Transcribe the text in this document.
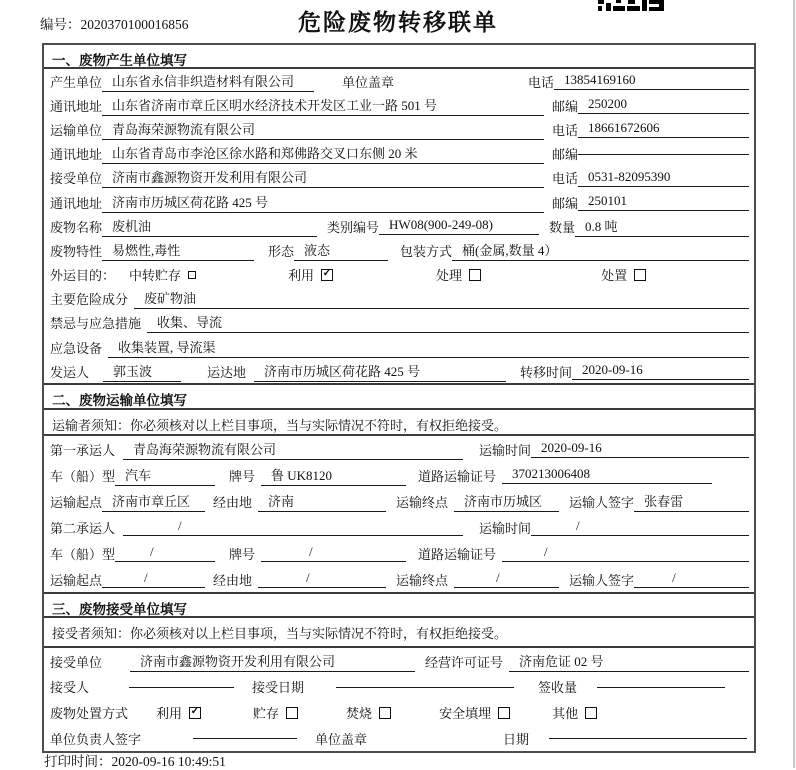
编号：2020370100016856	危险废物转移联单
一、废物产生单位填写
产生单位 山东省永信非织造材料有限公司	单位盖章	电话 13854169160
通讯地址 山东省济南市章丘区明水经济技术开发区工业一路 501 号	邮编 250200
运输单位 青岛海荣源物流有限公司	电话 18661672606
通讯地址 山东省青岛市李沧区徐水路和郑佛路交叉口东侧 20 米	邮编
接受单位 济南市鑫源物资开发利用有限公司	电话 0531-82095390
通讯地址 济南市历城区荷花路 425 号	邮编 250101
废物名称 废机油	类别编号 HW08(900-249-08)	数量 0.8 吨
废物特性 易燃性,毒性	形态 液态	包装方式 桶(金属,数量 4）
外运目的： 中转贮存	利用 ✓	处理	处置
主要危险成分	废矿物油
禁忌与应急措施	收集、导流
应急设备	收集装置, 导流渠
发运人	郭玉波	运达地	济南市历城区荷花路 425 号	转移时间 2020-09-16
二、废物运输单位填写
运输者须知：你必须核对以上栏目事项，当与实际情况不符时，有权拒绝接受。
第一承运人	青岛海荣源物流有限公司	运输时间 2020-09-16
车（船）型 汽车	牌号	鲁 UK8120	道路运输证号	370213006408
运输起点 济南市章丘区	经由地	济南	运输终点	济南市历城区	运输人签字 张春雷
第二承运人	/	运输时间	/
车（船）型	/	牌号	/	道路运输证号	/
运输起点	/	经由地	/	运输终点	/	运输人签字	/
三、废物接受单位填写
接受者须知：你必须核对以上栏目事项，当与实际情况不符时，有权拒绝接受。
接受单位	济南市鑫源物资开发利用有限公司	经营许可证号	济南危证 02 号
接受人	接受日期	签收量
废物处置方式 利用 ✓	贮存	焚烧	安全填埋	其他
单位负责人签字	单位盖章	日期
打印时间：2020-09-16 10:49:51
